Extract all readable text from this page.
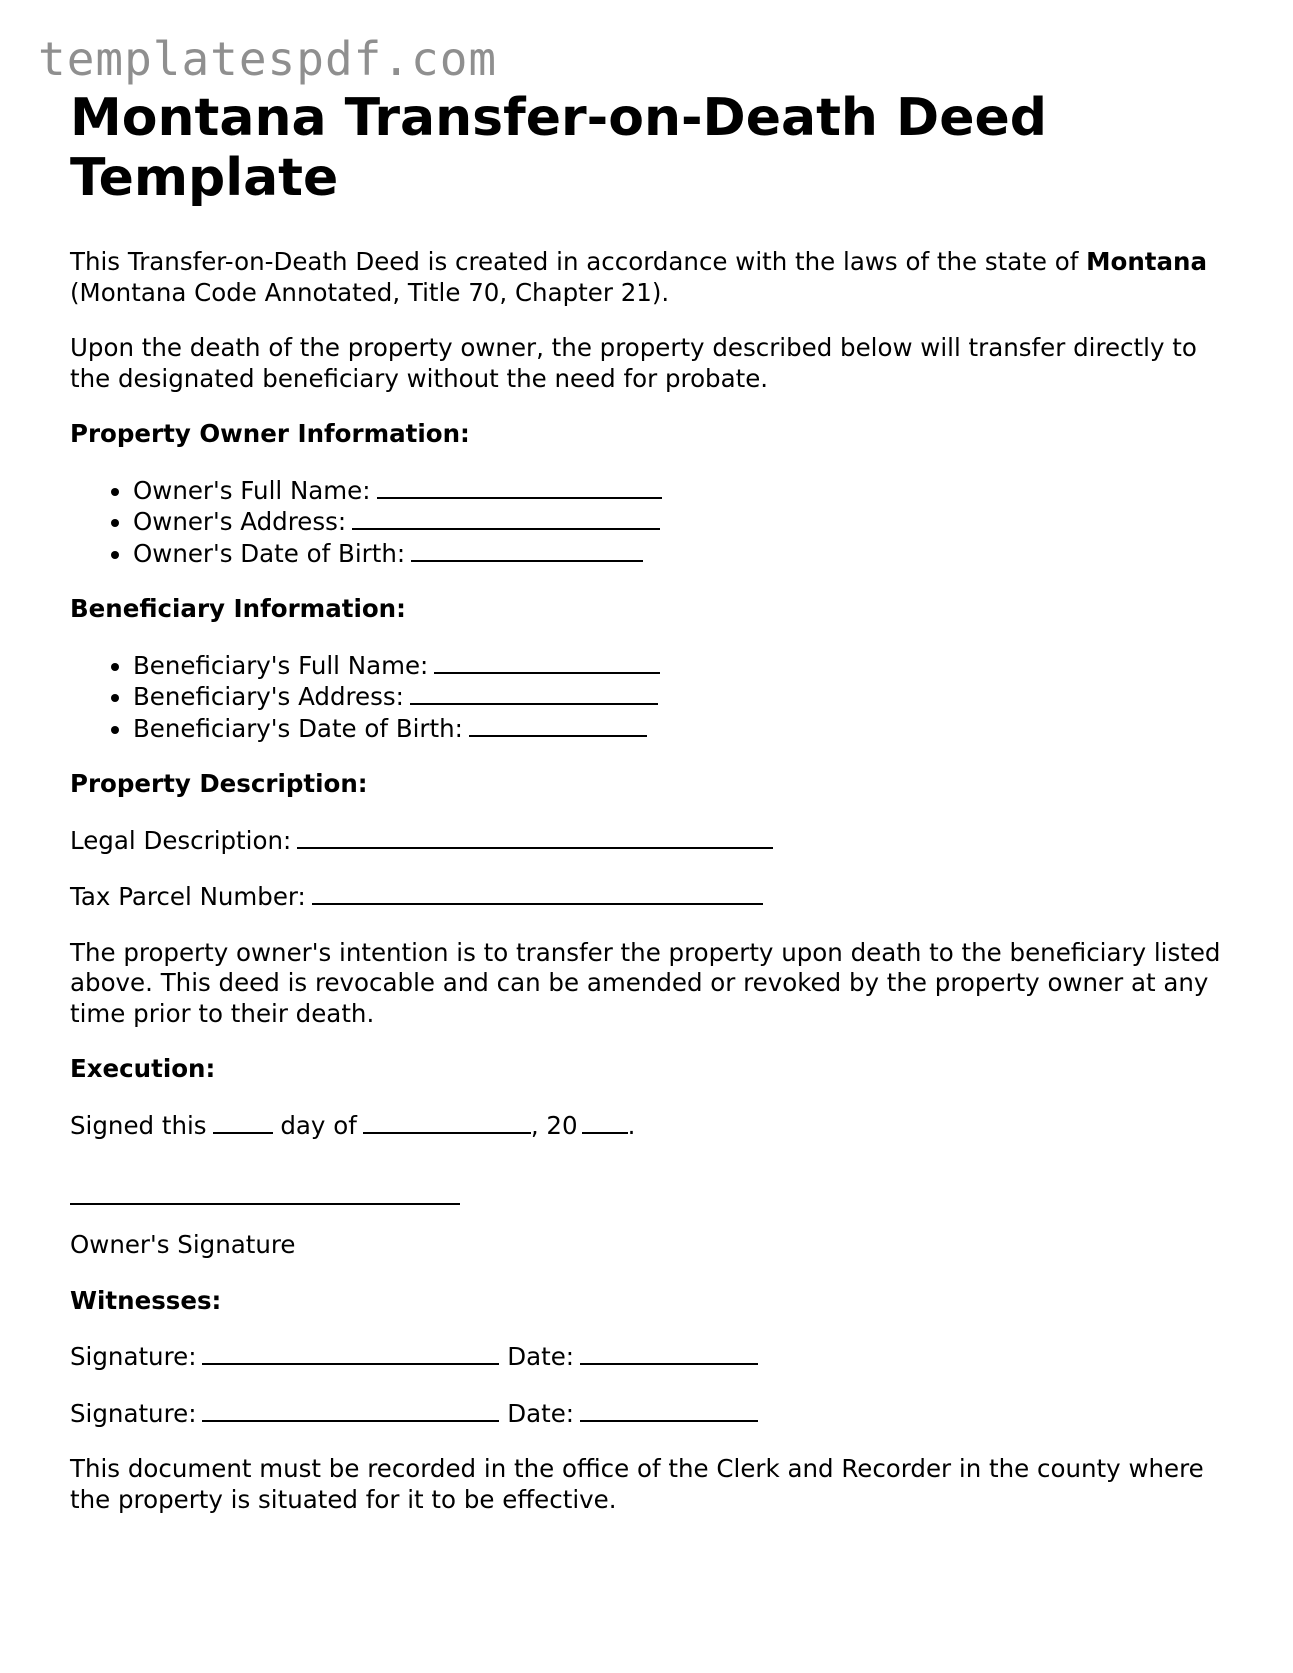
templatespdf.com
Montana Transfer-on-Death Deed Template

This Transfer-on-Death Deed is created in accordance with the laws of the state of Montana (Montana Code Annotated, Title 70, Chapter 21).

Upon the death of the property owner, the property described below will transfer directly to the designated beneficiary without the need for probate.

Property Owner Information:
• Owner's Full Name:
• Owner's Address:
• Owner's Date of Birth:
Beneficiary Information:
• Beneficiary's Full Name:
• Beneficiary's Address:
• Beneficiary's Date of Birth:
Property Description:

Legal Description:

Tax Parcel Number:

The property owner's intention is to transfer the property upon death to the beneficiary listed above. This deed is revocable and can be amended or revoked by the property owner at any time prior to their death.

Execution:

Signed this	day of	, 20 .

Owner's Signature

Witnesses:

Signature:	Date:

Signature:	Date:

This document must be recorded in the office of the Clerk and Recorder in the county where the property is situated for it to be effective.
